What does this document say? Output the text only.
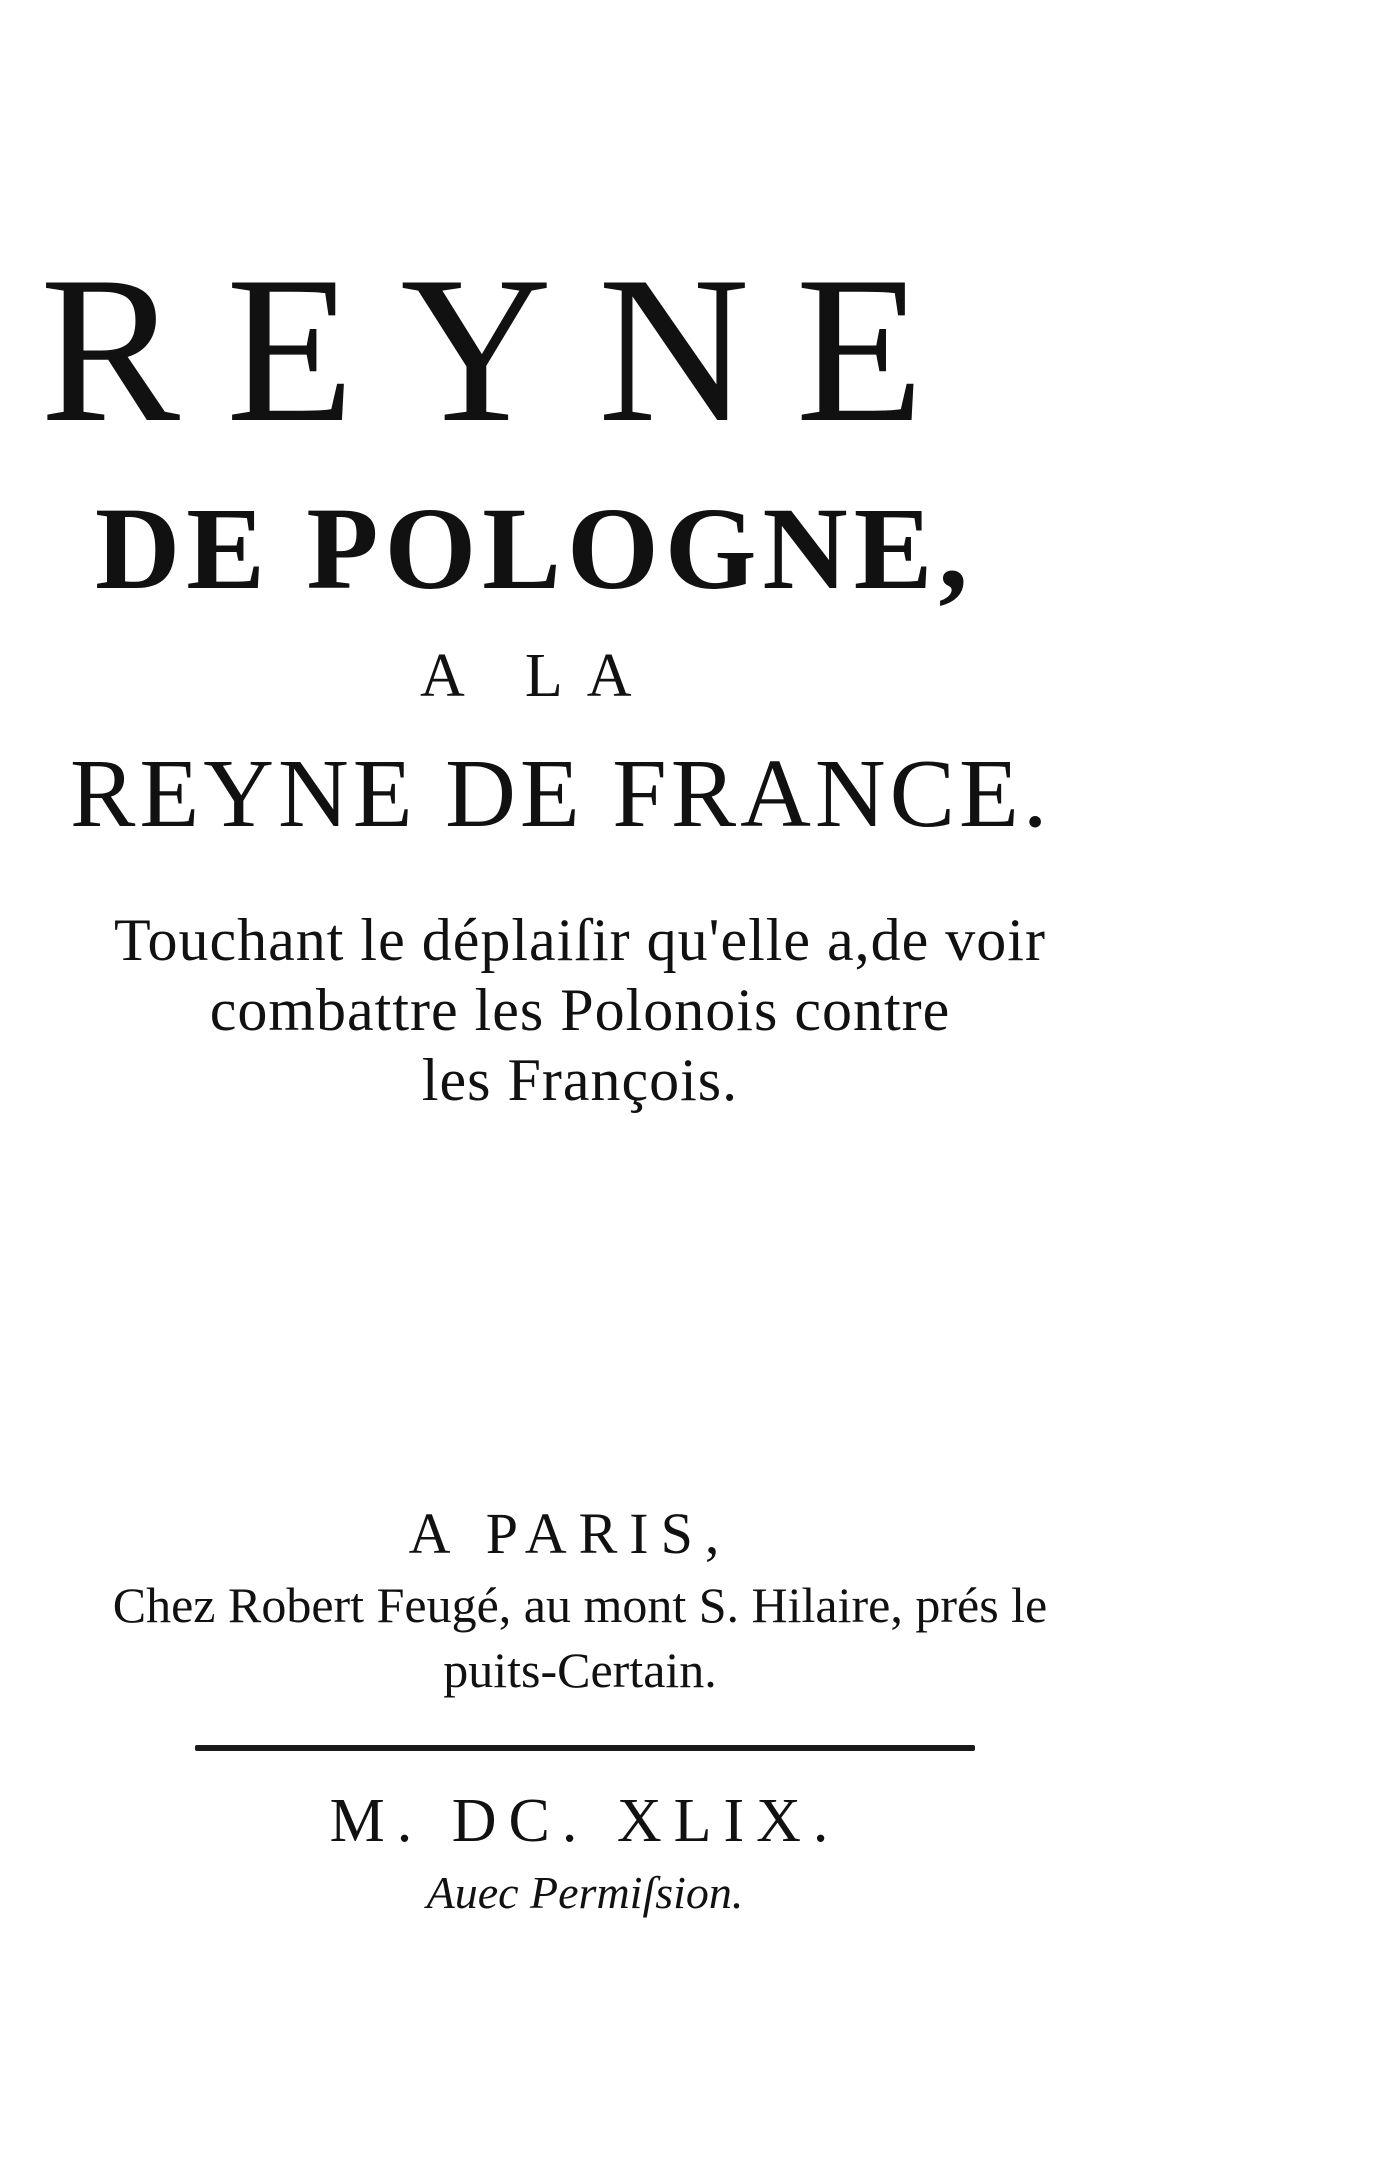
REYNE
DE POLOGNE,
A LA
REYNE DE FRANCE.
Touchant le déplaiſir qu'elle a,de voir
combattre les Polonois contre
les François.
A PARIS,
Chez Robert Feugé, au mont S. Hilaire, prés le
puits-Certain.
M. DC. XLIX.
Auec Permiſsion.
